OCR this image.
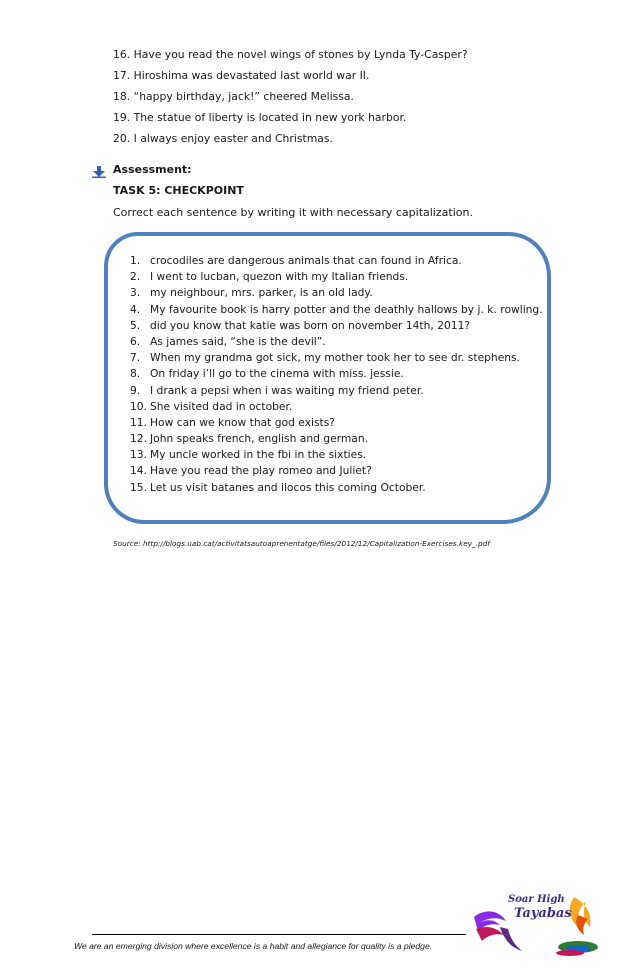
16. Have you read the novel wings of stones by Lynda Ty-Casper?
17. Hiroshima was devastated last world war II.
18. “happy birthday, jack!” cheered Melissa.
19. The statue of liberty is located in new york harbor.
20. I always enjoy easter and Christmas.
Assessment:
TASK 5: CHECKPOINT
Correct each sentence by writing it with necessary capitalization.
1. crocodiles are dangerous animals that can found in Africa.
2. I went to lucban, quezon with my Italian friends.
3. my neighbour, mrs. parker, is an old lady.
4. My favourite book is harry potter and the deathly hallows by j. k. rowling.
5. did you know that katie was born on november 14th, 2011?
6. As james said, “she is the devil”.
7. When my grandma got sick, my mother took her to see dr. stephens.
8. On friday i’ll go to the cinema with miss. jessie.
9. I drank a pepsi when i was waiting my friend peter.
10. She visited dad in october.
11. How can we know that god exists?
12. John speaks french, english and german.
13. My uncle worked in the fbi in the sixties.
14. Have you read the play romeo and Juliet?
15. Let us visit batanes and ilocos this coming October.
Source: http://blogs.uab.cat/activitatsautoaprenentatge/files/2012/12/Capitalization-Exercises.key_.pdf
We are an emerging division where excellence is a habit and allegiance for quality is a pledge.
Soar High
Tayabas
